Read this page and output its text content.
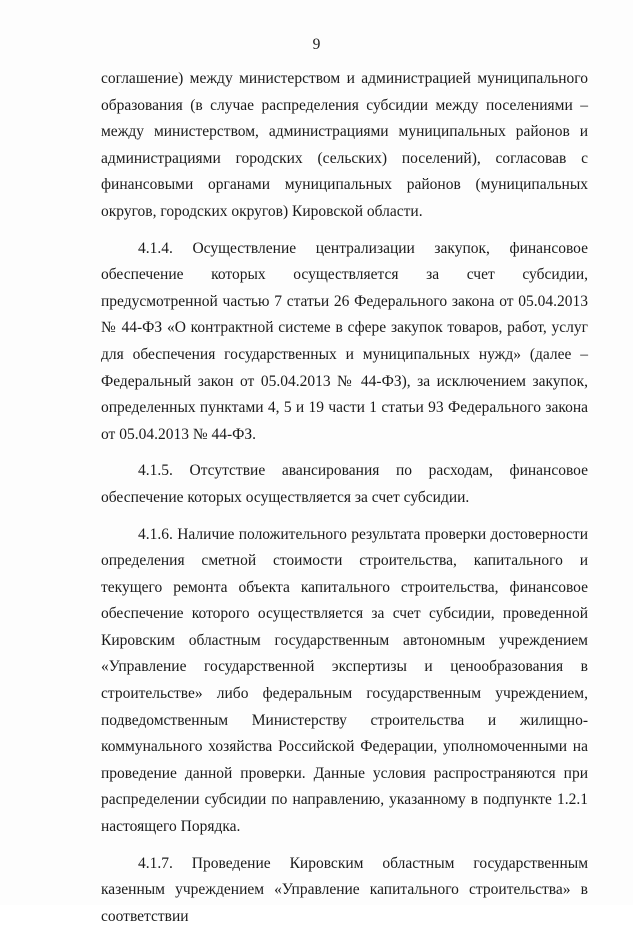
9

соглашение) между министерством и администрацией муниципального образования (в случае распределения субсидии между поселениями – между министерством, администрациями муниципальных районов и администрациями городских (сельских) поселений), согласовав с финансовыми органами муниципальных районов (муниципальных округов, городских округов) Кировской области.

4.1.4. Осуществление централизации закупок, финансовое обеспечение которых осуществляется за счет субсидии, предусмотренной частью 7 статьи 26 Федерального закона от 05.04.2013 № 44-ФЗ «О контрактной системе в сфере закупок товаров, работ, услуг для обеспечения государственных и муниципальных нужд» (далее – Федеральный закон от 05.04.2013 № 44-ФЗ), за исключением закупок, определенных пунктами 4, 5 и 19 части 1 статьи 93 Федерального закона от 05.04.2013 № 44-ФЗ.

4.1.5. Отсутствие авансирования по расходам, финансовое обеспечение которых осуществляется за счет субсидии.

4.1.6. Наличие положительного результата проверки достоверности определения сметной стоимости строительства, капитального и текущего ремонта объекта капитального строительства, финансовое обеспечение которого осуществляется за счет субсидии, проведенной Кировским областным государственным автономным учреждением «Управление государственной экспертизы и ценообразования в строительстве» либо федеральным государственным учреждением, подведомственным Министерству строительства и жилищно-коммунального хозяйства Российской Федерации, уполномоченными на проведение данной проверки. Данные условия распространяются при распределении субсидии по направлению, указанному в подпункте 1.2.1 настоящего Порядка.

4.1.7. Проведение Кировским областным государственным казенным учреждением «Управление капитального строительства» в соответствии
